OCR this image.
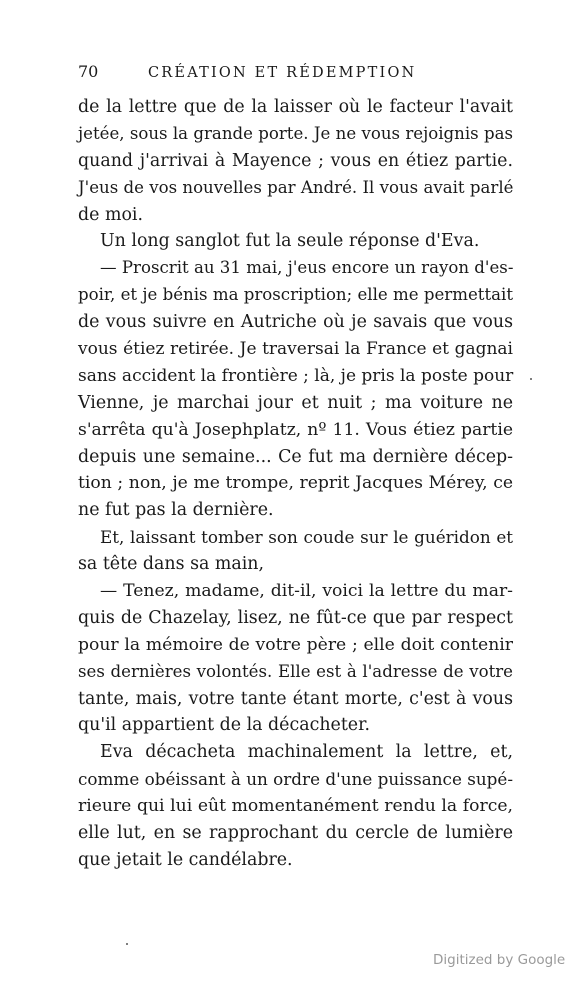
70	CRÉATION ET RÉDEMPTION
de la lettre que de la laisser où le facteur l'avait
jetée, sous la grande porte. Je ne vous rejoignis pas
quand j'arrivai à Mayence ; vous en étiez partie.
J'eus de vos nouvelles par André. Il vous avait parlé
de moi.
Un long sanglot fut la seule réponse d'Eva.
— Proscrit au 31 mai, j'eus encore un rayon d'es-
poir, et je bénis ma proscription; elle me permettait
de vous suivre en Autriche où je savais que vous
vous étiez retirée. Je traversai la France et gagnai
sans accident la frontière ; là, je pris la poste pour
Vienne, je marchai jour et nuit ; ma voiture ne
s'arrêta qu'à Josephplatz, nº 11. Vous étiez partie
depuis une semaine... Ce fut ma dernière décep-
tion ; non, je me trompe, reprit Jacques Mérey, ce
ne fut pas la dernière.
Et, laissant tomber son coude sur le guéridon et
sa tête dans sa main,
— Tenez, madame, dit-il, voici la lettre du mar-
quis de Chazelay, lisez, ne fût-ce que par respect
pour la mémoire de votre père ; elle doit contenir
ses dernières volontés. Elle est à l'adresse de votre
tante, mais, votre tante étant morte, c'est à vous
qu'il appartient de la décacheter.
Eva décacheta machinalement la lettre, et,
comme obéissant à un ordre d'une puissance supé-
rieure qui lui eût momentanément rendu la force,
elle lut, en se rapprochant du cercle de lumière
que jetait le candélabre.
Digitized by Google
